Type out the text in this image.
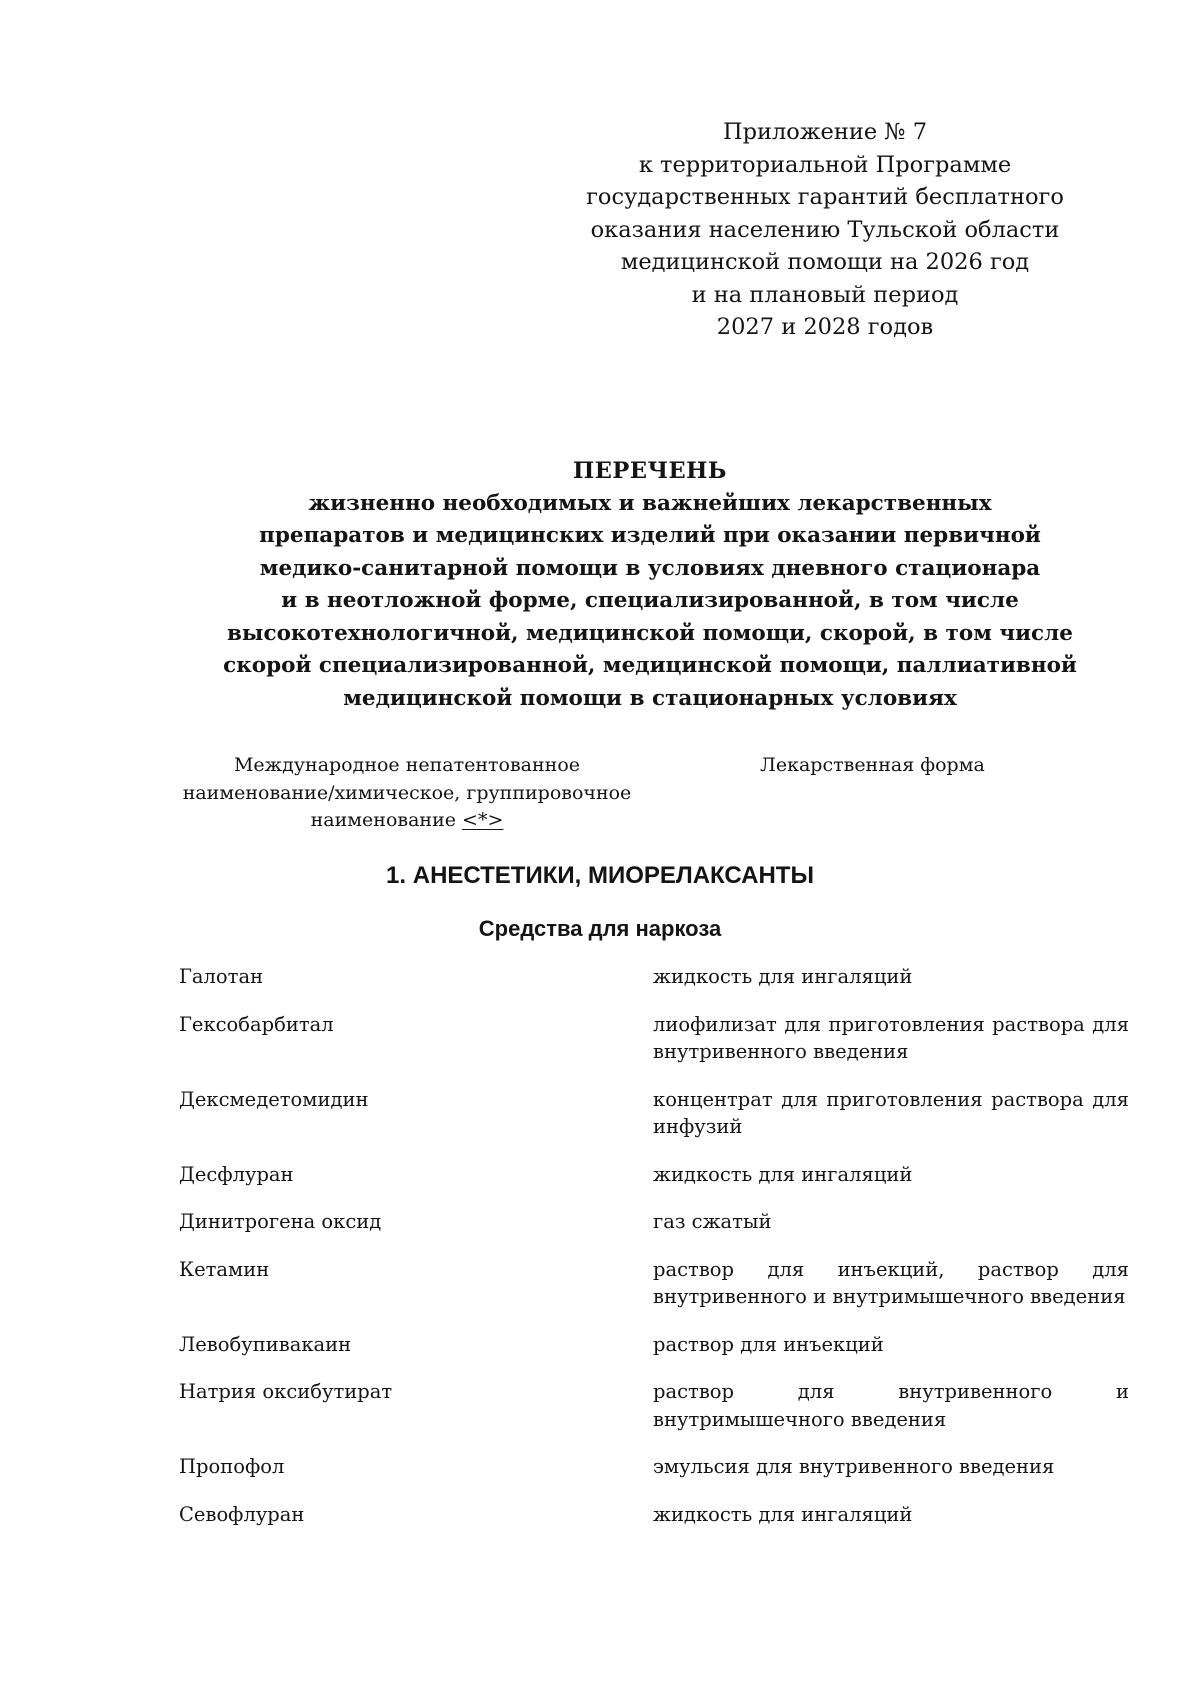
Приложение № 7
к территориальной Программе
государственных гарантий бесплатного
оказания населению Тульской области
медицинской помощи на 2026 год
и на плановый период
2027 и 2028 годов
ПЕРЕЧЕНЬ
жизненно необходимых и важнейших лекарственных
препаратов и медицинских изделий при оказании первичной
медико-санитарной помощи в условиях дневного стационара
и в неотложной форме, специализированной, в том числе
высокотехнологичной, медицинской помощи, скорой, в том числе
скорой специализированной, медицинской помощи, паллиативной
медицинской помощи в стационарных условиях
Международное непатентованное
наименование/химическое, группировочное
наименование <*>
Лекарственная форма
1. АНЕСТЕТИКИ, МИОРЕЛАКСАНТЫ
Средства для наркоза
Галотан	жидкость для ингаляций
Гексобарбитал	лиофилизат для приготовления раствора для внутривенного введения
Дексмедетомидин	концентрат для приготовления раствора для инфузий
Десфлуран	жидкость для ингаляций
Динитрогена оксид	газ сжатый
Кетамин	раствор для инъекций, раствор для внутривенного и внутримышечного введения
Левобупивакаин	раствор для инъекций
Натрия оксибутират	раствор для внутривенного и внутримышечного введения
Пропофол	эмульсия для внутривенного введения
Севофлуран	жидкость для ингаляций
